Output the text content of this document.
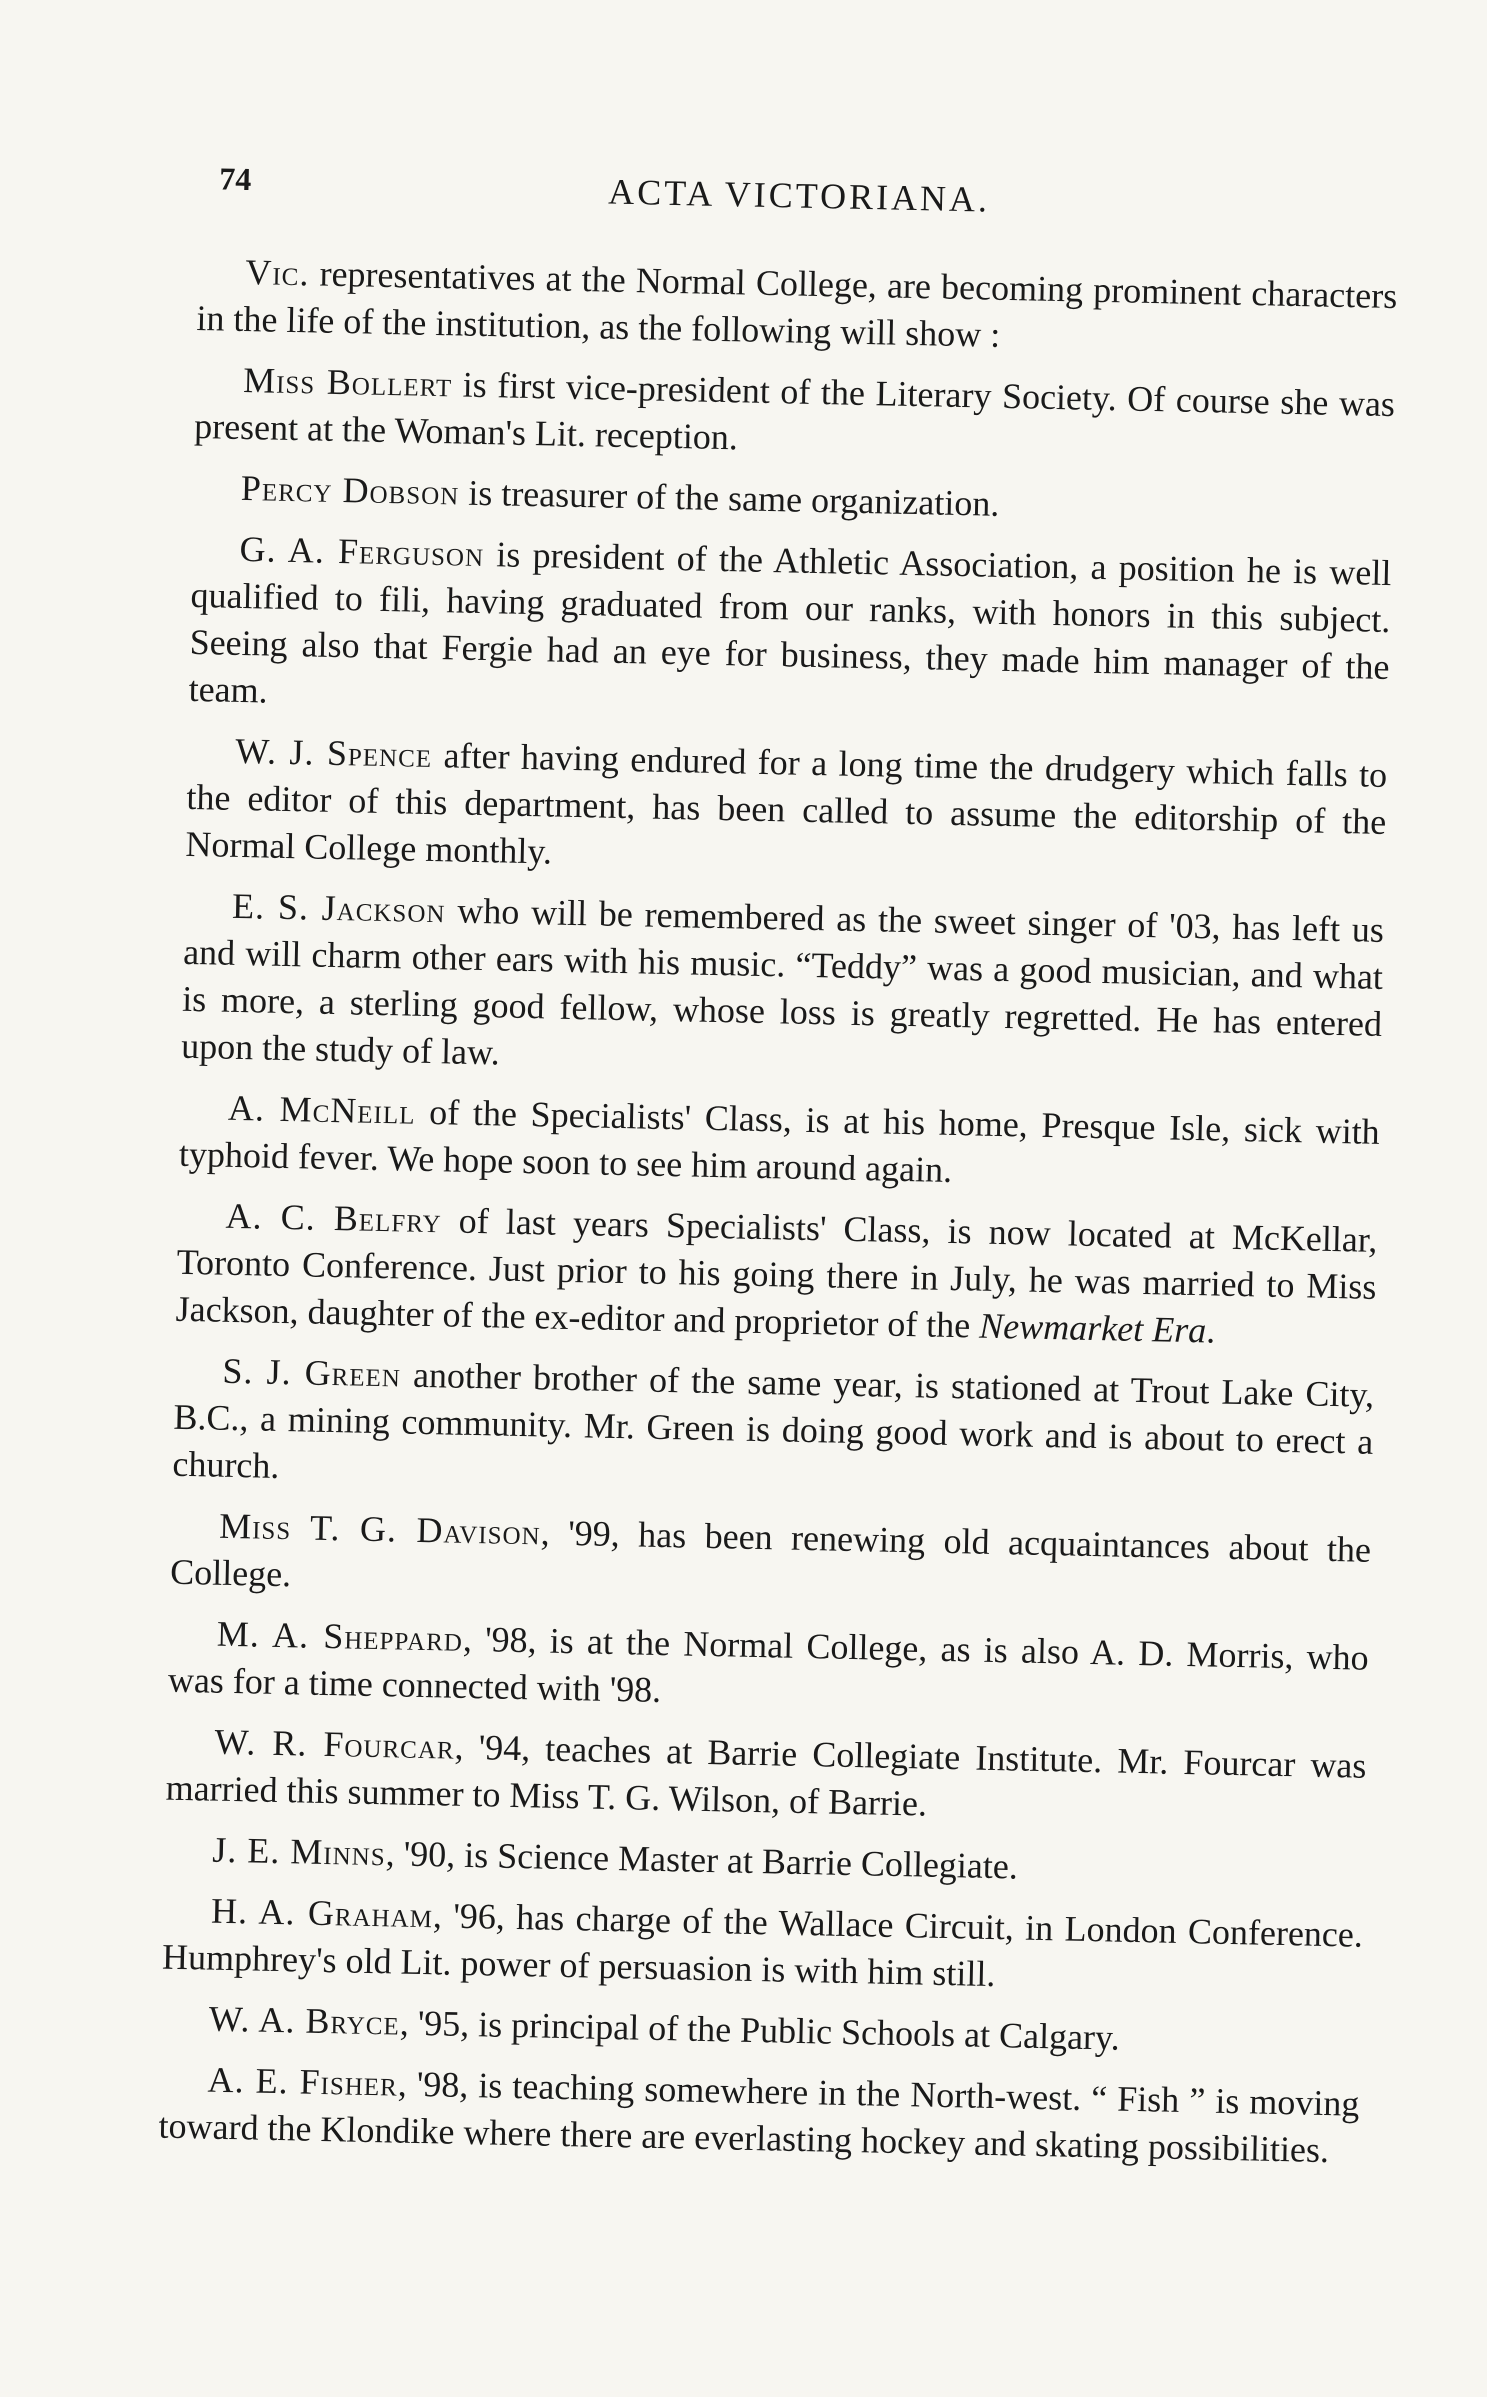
74	ACTA VICTORIANA.

Vic. representatives at the Normal College, are becoming prominent characters in the life of the institution, as the following will show :

Miss Bollert is first vice-president of the Literary Society. Of course she was present at the Woman's Lit. reception.

Percy Dobson is treasurer of the same organization.

G. A. Ferguson is president of the Athletic Association, a position he is well qualified to fili, having graduated from our ranks, with honors in this subject. Seeing also that Fergie had an eye for business, they made him manager of the team.

W. J. Spence after having endured for a long time the drudgery which falls to the editor of this department, has been called to assume the editorship of the Normal College monthly.

E. S. Jackson who will be remembered as the sweet singer of '03, has left us and will charm other ears with his music. “Teddy” was a good musician, and what is more, a sterling good fellow, whose loss is greatly regretted. He has entered upon the study of law.

A. McNeill of the Specialists' Class, is at his home, Presque Isle, sick with typhoid fever. We hope soon to see him around again.

A. C. Belfry of last years Specialists' Class, is now located at McKellar, Toronto Conference. Just prior to his going there in July, he was married to Miss Jackson, daughter of the ex-editor and proprietor of the Newmarket Era.

S. J. Green another brother of the same year, is stationed at Trout Lake City, B.C., a mining community. Mr. Green is doing good work and is about to erect a church.

Miss T. G. Davison, '99, has been renewing old acquaintances about the College.

M. A. Sheppard, '98, is at the Normal College, as is also A. D. Morris, who was for a time connected with '98.

W. R. Fourcar, '94, teaches at Barrie Collegiate Institute. Mr. Fourcar was married this summer to Miss T. G. Wilson, of Barrie.

J. E. Minns, '90, is Science Master at Barrie Collegiate.

H. A. Graham, '96, has charge of the Wallace Circuit, in London Conference. Humphrey's old Lit. power of persuasion is with him still.

W. A. Bryce, '95, is principal of the Public Schools at Calgary.

A. E. Fisher, '98, is teaching somewhere in the North-west. “ Fish ” is moving toward the Klondike where there are everlasting hockey and skating possibilities.
